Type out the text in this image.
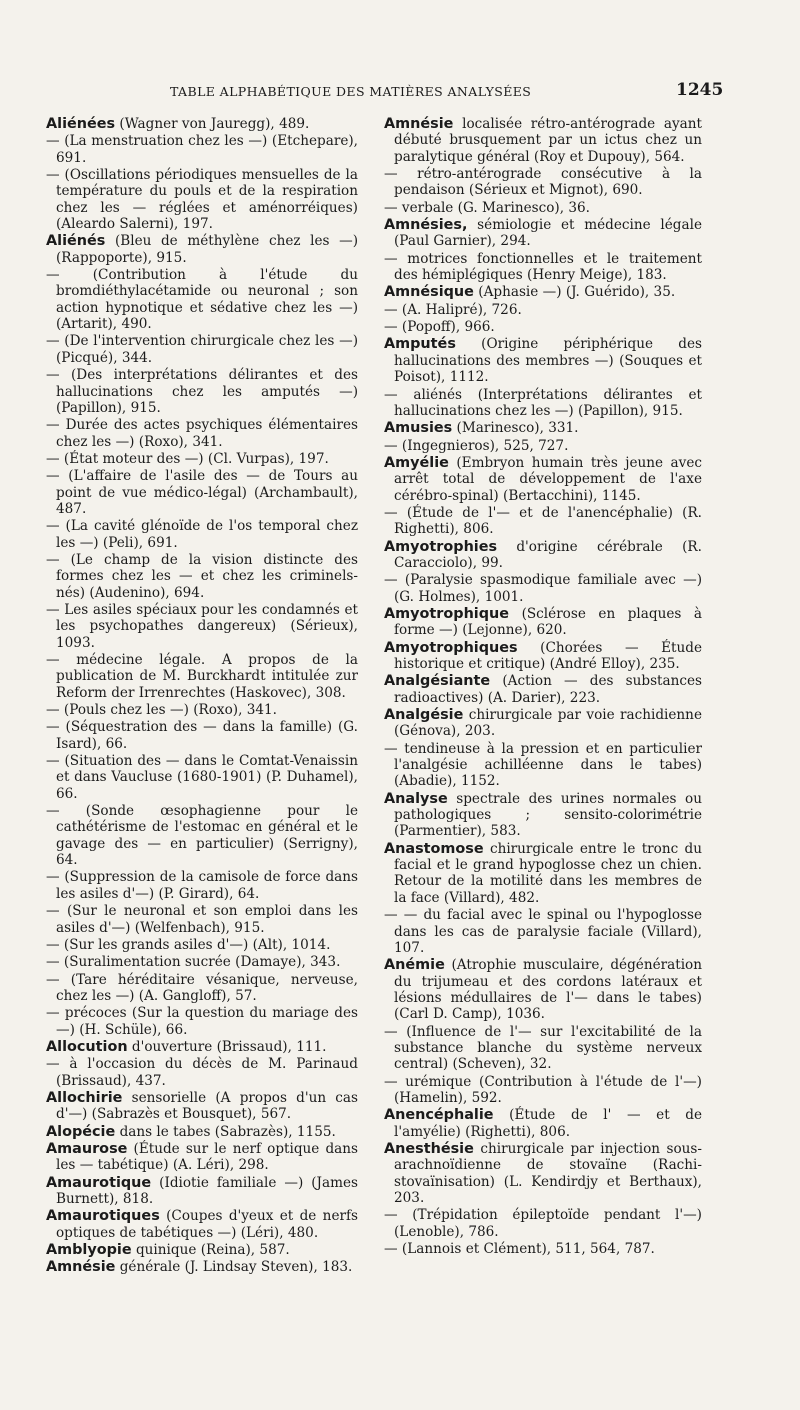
TABLE ALPHABÉTIQUE DES MATIÈRES ANALYSÉES	1245

Aliénées (Wagner von Jauregg), 489.

— (La menstruation chez les —) (Etchepare), 691.

— (Oscillations périodiques mensuelles de la température du pouls et de la respiration chez les — réglées et aménorréiques) (Aleardo Salerni), 197.

Aliénés (Bleu de méthylène chez les —) (Rappoporte), 915.

— (Contribution à l'étude du bromdiéthylacétamide ou neuronal ; son action hypnotique et sédative chez les —) (Artarit), 490.

— (De l'intervention chirurgicale chez les —) (Picqué), 344.

— (Des interprétations délirantes et des hallucinations chez les amputés —) (Papillon), 915.

— Durée des actes psychiques élémentaires chez les —) (Roxo), 341.

— (État moteur des —) (Cl. Vurpas), 197.

— (L'affaire de l'asile des — de Tours au point de vue médico-légal) (Archambault), 487.

— (La cavité glénoïde de l'os temporal chez les —) (Peli), 691.

— (Le champ de la vision distincte des formes chez les — et chez les criminels-nés) (Audenino), 694.

— Les asiles spéciaux pour les condamnés et les psychopathes dangereux) (Sérieux), 1093.

— médecine légale. A propos de la publication de M. Burckhardt intitulée zur Reform der Irrenrechtes (Haskovec), 308.

— (Pouls chez les —) (Roxo), 341.

— (Séquestration des — dans la famille) (G. Isard), 66.

— (Situation des — dans le Comtat-Venaissin et dans Vaucluse (1680-1901) (P. Duhamel), 66.

— (Sonde œsophagienne pour le cathétérisme de l'estomac en général et le gavage des — en particulier) (Serrigny), 64.

— (Suppression de la camisole de force dans les asiles d'—) (P. Girard), 64.

— (Sur le neuronal et son emploi dans les asiles d'—) (Welfenbach), 915.

— (Sur les grands asiles d'—) (Alt), 1014.

— (Suralimentation sucrée (Damaye), 343.

— (Tare héréditaire vésanique, nerveuse, chez les —) (A. Gangloff), 57.

— précoces (Sur la question du mariage des —) (H. Schüle), 66.

Allocution d'ouverture (Brissaud), 111.

— à l'occasion du décès de M. Parinaud (Brissaud), 437.

Allochirie sensorielle (A propos d'un cas d'—) (Sabrazès et Bousquet), 567.

Alopécie dans le tabes (Sabrazès), 1155.

Amaurose (Étude sur le nerf optique dans les — tabétique) (A. Léri), 298.

Amaurotique (Idiotie familiale —) (James Burnett), 818.

Amaurotiques (Coupes d'yeux et de nerfs optiques de tabétiques —) (Léri), 480.

Amblyopie quinique (Reina), 587.

Amnésie générale (J. Lindsay Steven), 183.

Amnésie localisée rétro-antérograde ayant débuté brusquement par un ictus chez un paralytique général (Roy et Dupouy), 564.

— rétro-antérograde consécutive à la pendaison (Sérieux et Mignot), 690.

— verbale (G. Marinesco), 36.

Amnésies, sémiologie et médecine légale (Paul Garnier), 294.

— motrices fonctionnelles et le traitement des hémiplégiques (Henry Meige), 183.

Amnésique (Aphasie —) (J. Guérido), 35.

— (A. Halipré), 726.

— (Popoff), 966.

Amputés (Origine périphérique des hallucinations des membres —) (Souques et Poisot), 1112.

— aliénés (Interprétations délirantes et hallucinations chez les —) (Papillon), 915.

Amusies (Marinesco), 331.

— (Ingegnieros), 525, 727.

Amyélie (Embryon humain très jeune avec arrêt total de développement de l'axe cérébro-spinal) (Bertacchini), 1145.

— (Étude de l'— et de l'anencéphalie) (R. Righetti), 806.

Amyotrophies d'origine cérébrale (R. Caracciolo), 99.

— (Paralysie spasmodique familiale avec —) (G. Holmes), 1001.

Amyotrophique (Sclérose en plaques à forme —) (Lejonne), 620.

Amyotrophiques (Chorées — Étude historique et critique) (André Elloy), 235.

Analgésiante (Action — des substances radioactives) (A. Darier), 223.

Analgésie chirurgicale par voie rachidienne (Génova), 203.

— tendineuse à la pression et en particulier l'analgésie achilléenne dans le tabes) (Abadie), 1152.

Analyse spectrale des urines normales ou pathologiques ; sensito-colorimétrie (Parmentier), 583.

Anastomose chirurgicale entre le tronc du facial et le grand hypoglosse chez un chien. Retour de la motilité dans les membres de la face (Villard), 482.

— — du facial avec le spinal ou l'hypoglosse dans les cas de paralysie faciale (Villard), 107.

Anémie (Atrophie musculaire, dégénération du trijumeau et des cordons latéraux et lésions médullaires de l'— dans le tabes) (Carl D. Camp), 1036.

— (Influence de l'— sur l'excitabilité de la substance blanche du système nerveux central) (Scheven), 32.

— urémique (Contribution à l'étude de l'—) (Hamelin), 592.

Anencéphalie (Étude de l' — et de l'amyélie) (Righetti), 806.

Anesthésie chirurgicale par injection sous-arachnoïdienne de stovaïne (Rachi-stovaïnisation) (L. Kendirdjy et Berthaux), 203.

— (Trépidation épileptoïde pendant l'—) (Lenoble), 786.

— (Lannois et Clément), 511, 564, 787.
